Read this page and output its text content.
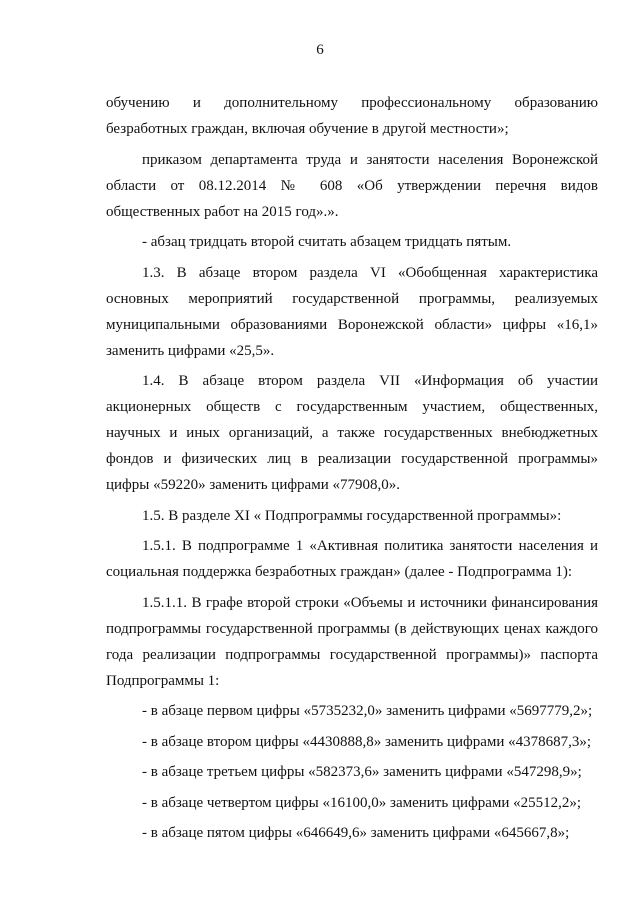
6

обучению и дополнительному профессиональному образованию безработных граждан, включая обучение в другой местности»;

приказом департамента труда и занятости населения Воронежской области от 08.12.2014 № 608 «Об утверждении перечня видов общественных работ на 2015 год».».

- абзац тридцать второй считать абзацем тридцать пятым.

1.3. В абзаце втором раздела VI «Обобщенная характеристика основных мероприятий государственной программы, реализуемых муниципальными образованиями Воронежской области» цифры «16,1» заменить цифрами «25,5».

1.4. В абзаце втором раздела VII «Информация об участии акционерных обществ с государственным участием, общественных, научных и иных организаций, а также государственных внебюджетных фондов и физических лиц в реализации государственной программы» цифры «59220» заменить цифрами «77908,0».

1.5. В разделе XI « Подпрограммы государственной программы»:

1.5.1. В подпрограмме 1 «Активная политика занятости населения и социальная поддержка безработных граждан» (далее - Подпрограмма 1):

1.5.1.1. В графе второй строки «Объемы и источники финансирования подпрограммы государственной программы (в действующих ценах каждого года реализации подпрограммы государственной программы)» паспорта Подпрограммы 1:

- в абзаце первом цифры «5735232,0» заменить цифрами «5697779,2»;

- в абзаце втором цифры «4430888,8» заменить цифрами «4378687,3»;

- в абзаце третьем цифры «582373,6» заменить цифрами «547298,9»;

- в абзаце четвертом цифры «16100,0» заменить цифрами «25512,2»;

- в абзаце пятом цифры «646649,6» заменить цифрами «645667,8»;
